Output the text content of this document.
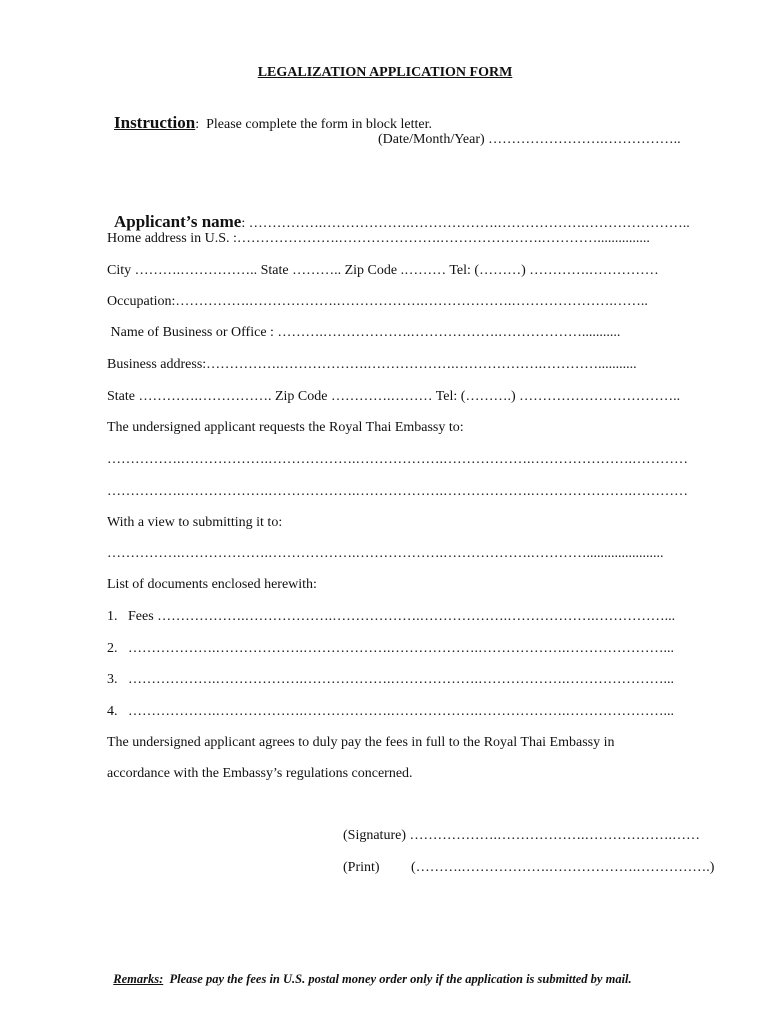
LEGALIZATION APPLICATION FORM

Instruction:  Please complete the form in block letter.

(Date/Month/Year) …………………….……………..

Applicant’s name: …………….……………….……………….……………….…………………..

Home address in U.S. :………………….………………….………………….…………...............
City ……….…………….. State ……….. Zip Code .……… Tel: (………) ………….……………
Occupation:…………….……………….……………….……………….………………….……..
Name of Business or Office : ……….……………….……………….………………...........
Business address:…………….……………….……………….……………….…………...........
State ………….……………. Zip Code ………….……… Tel: (……….) ……………………………..
The undersigned applicant requests the Royal Thai Embassy to:
…………….……………….……………….……………….……………….………………….…………
…………….……………….……………….……………….……………….………………….…………
With a view to submitting it to:
…………….……………….……………….……………….……………….…………......................
List of documents enclosed herewith:
1.   Fees ……………….……………….……………….……………….……………….……………...
2.   ……………….……………….……………….……………….……………….…………………...
3.   ……………….……………….……………….……………….……………….…………………...
4.   ……………….……………….……………….……………….……………….…………………...
The undersigned applicant agrees to duly pay the fees in full to the Royal Thai Embassy in
accordance with the Embassy’s regulations concerned.
(Signature) ……………….……………….……………….……
(Print)         (……….……………….……………….…………….)

Remarks:  Please pay the fees in U.S. postal money order only if the application is submitted by mail.
